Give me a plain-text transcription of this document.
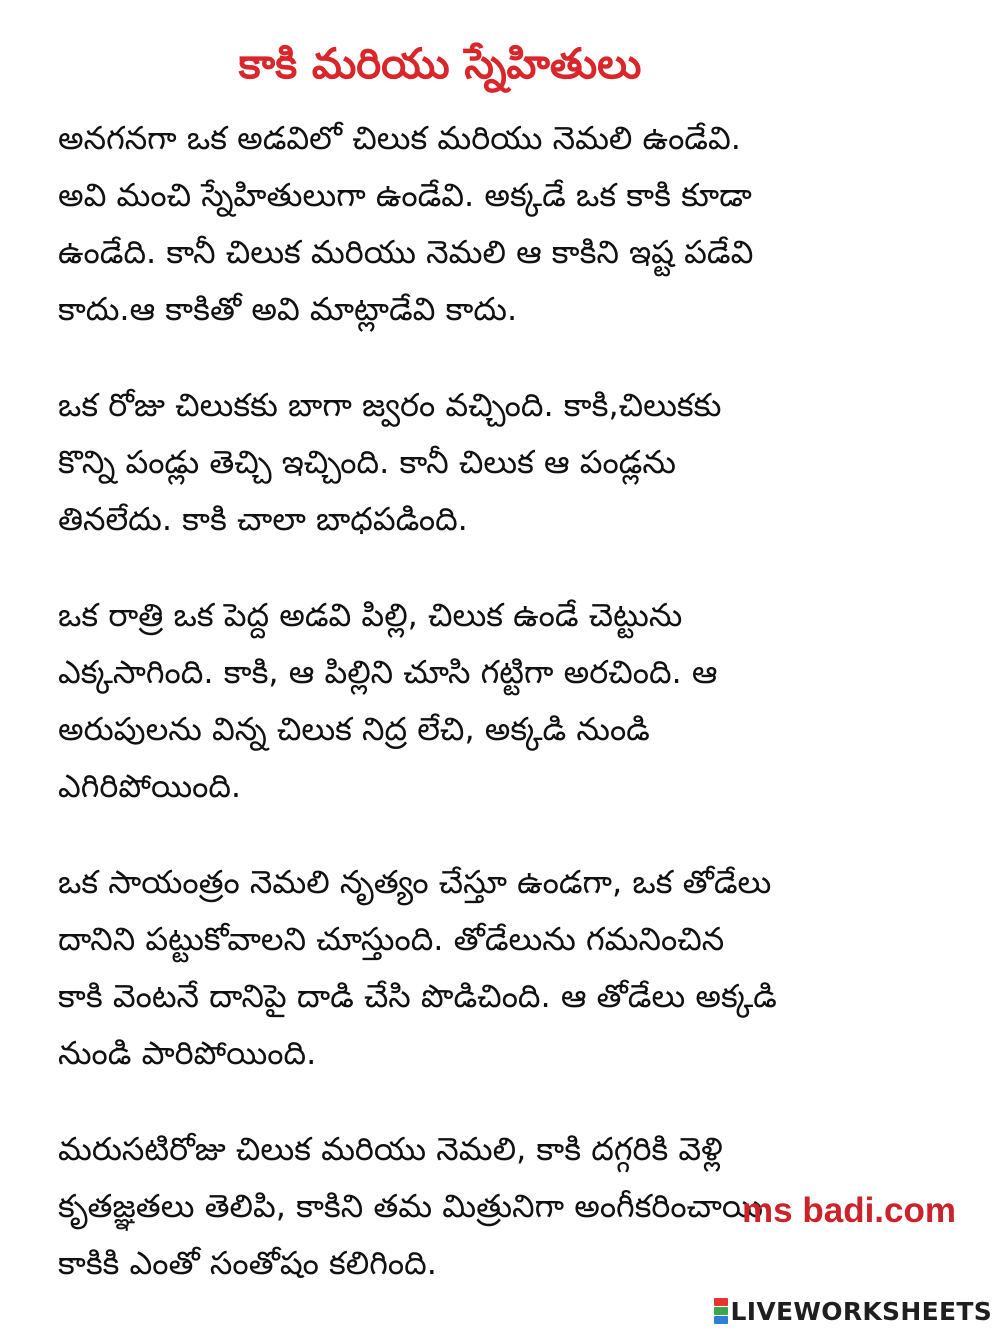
కాకి మరియు స్నేహితులు

అనగనగా ఒక అడవిలో చిలుక మరియు నెమలి ఉండేవి.
అవి మంచి స్నేహితులుగా ఉండేవి. అక్కడే ఒక కాకి కూడా
ఉండేది. కానీ చిలుక మరియు నెమలి ఆ కాకిని ఇష్ట పడేవి
కాదు.ఆ కాకితో అవి మాట్లాడేవి కాదు.

ఒక రోజు చిలుకకు బాగా జ్వరం వచ్చింది. కాకి,చిలుకకు
కొన్ని పండ్లు తెచ్చి ఇచ్చింది. కానీ చిలుక ఆ పండ్లను
తినలేదు. కాకి చాలా బాధపడింది.

ఒక రాత్రి ఒక పెద్ద అడవి పిల్లి, చిలుక ఉండే చెట్టును
ఎక్కసాగింది. కాకి, ఆ పిల్లిని చూసి గట్టిగా అరచింది. ఆ
అరుపులను విన్న చిలుక నిద్ర లేచి, అక్కడి నుండి
ఎగిరిపోయింది.

ఒక సాయంత్రం నెమలి నృత్యం చేస్తూ ఉండగా, ఒక తోడేలు
దానిని పట్టుకోవాలని చూస్తుంది. తోడేలును గమనించిన
కాకి వెంటనే దానిపై దాడి చేసి పొడిచింది. ఆ తోడేలు అక్కడి
నుండి పారిపోయింది.

మరుసటిరోజు చిలుక మరియు నెమలి, కాకి దగ్గరికి వెళ్లి
కృతజ్ఞతలు తెలిపి, కాకిని తమ మిత్రునిగా అంగీకరించాయి.
కాకికి ఎంతో సంతోషం కలిగింది.

ms badi.com

LIVEWORKSHEETS
